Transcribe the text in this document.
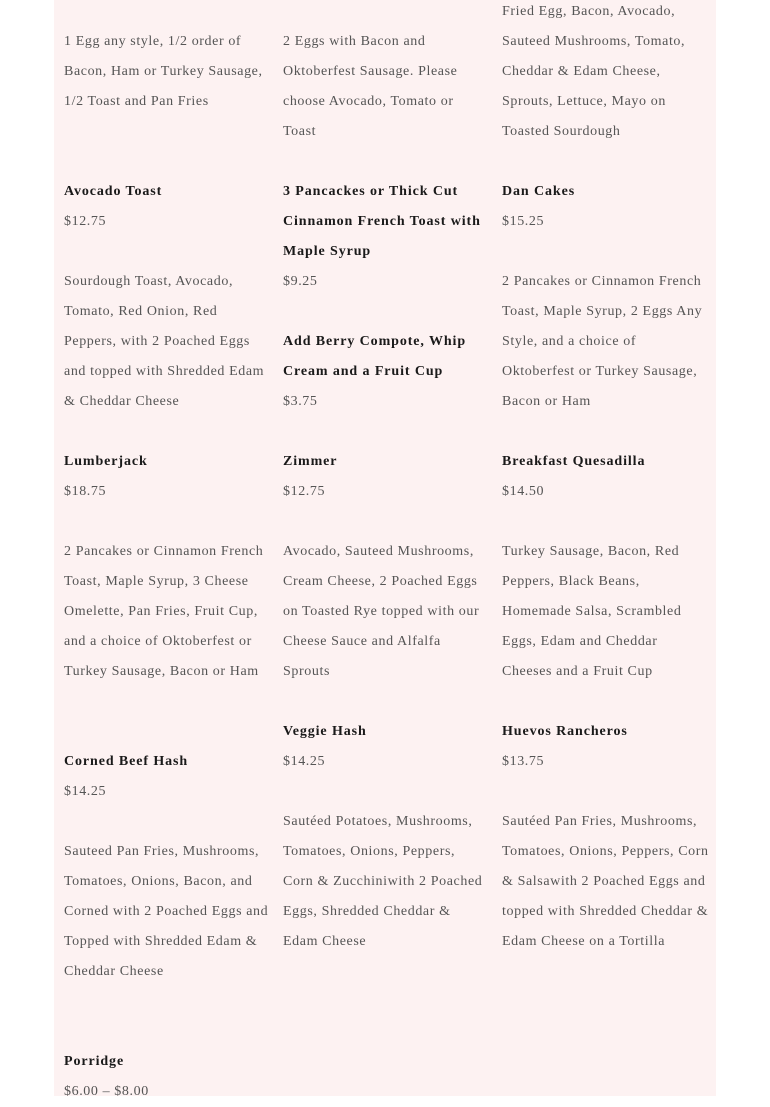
1 Egg any style, 1/2 order of Bacon, Ham or Turkey Sausage, 1/2 Toast and Pan Fries

Avocado Toast

$12.75

Sourdough Toast, Avocado, Tomato, Red Onion, Red Peppers, with 2 Poached Eggs and topped with Shredded Edam & Cheddar Cheese

Lumberjack

$18.75

2 Pancakes or Cinnamon French Toast, Maple Syrup, 3 Cheese Omelette, Pan Fries, Fruit Cup, and a choice of Oktoberfest or Turkey Sausage, Bacon or Ham

Corned Beef Hash

$14.25

Sauteed Pan Fries, Mushrooms, Tomatoes, Onions, Bacon, and Corned with 2 Poached Eggs and Topped with Shredded Edam & Cheddar Cheese

Porridge

$6.00 – $8.00

2 Eggs with Bacon and Oktoberfest Sausage. Please choose Avocado, Tomato or Toast

3 Pancackes or Thick Cut Cinnamon French Toast with Maple Syrup

$9.25

Add Berry Compote, Whip Cream and a Fruit Cup

$3.75

Zimmer

$12.75

Avocado, Sauteed Mushrooms, Cream Cheese, 2 Poached Eggs on Toasted Rye topped with our Cheese Sauce and Alfalfa Sprouts

Veggie Hash

$14.25

Sautéed Potatoes, Mushrooms, Tomatoes, Onions, Peppers, Corn & Zucchiniwith 2 Poached Eggs, Shredded Cheddar & Edam Cheese

Fried Egg, Bacon, Avocado, Sauteed Mushrooms, Tomato, Cheddar & Edam Cheese, Sprouts, Lettuce, Mayo on Toasted Sourdough

Dan Cakes

$15.25

2 Pancakes or Cinnamon French Toast, Maple Syrup, 2 Eggs Any Style, and a choice of Oktoberfest or Turkey Sausage, Bacon or Ham

Breakfast Quesadilla

$14.50

Turkey Sausage, Bacon, Red Peppers, Black Beans, Homemade Salsa, Scrambled Eggs, Edam and Cheddar Cheeses and a Fruit Cup

Huevos Rancheros

$13.75

Sautéed Pan Fries, Mushrooms, Tomatoes, Onions, Peppers, Corn & Salsawith 2 Poached Eggs and topped with Shredded Cheddar & Edam Cheese on a Tortilla
